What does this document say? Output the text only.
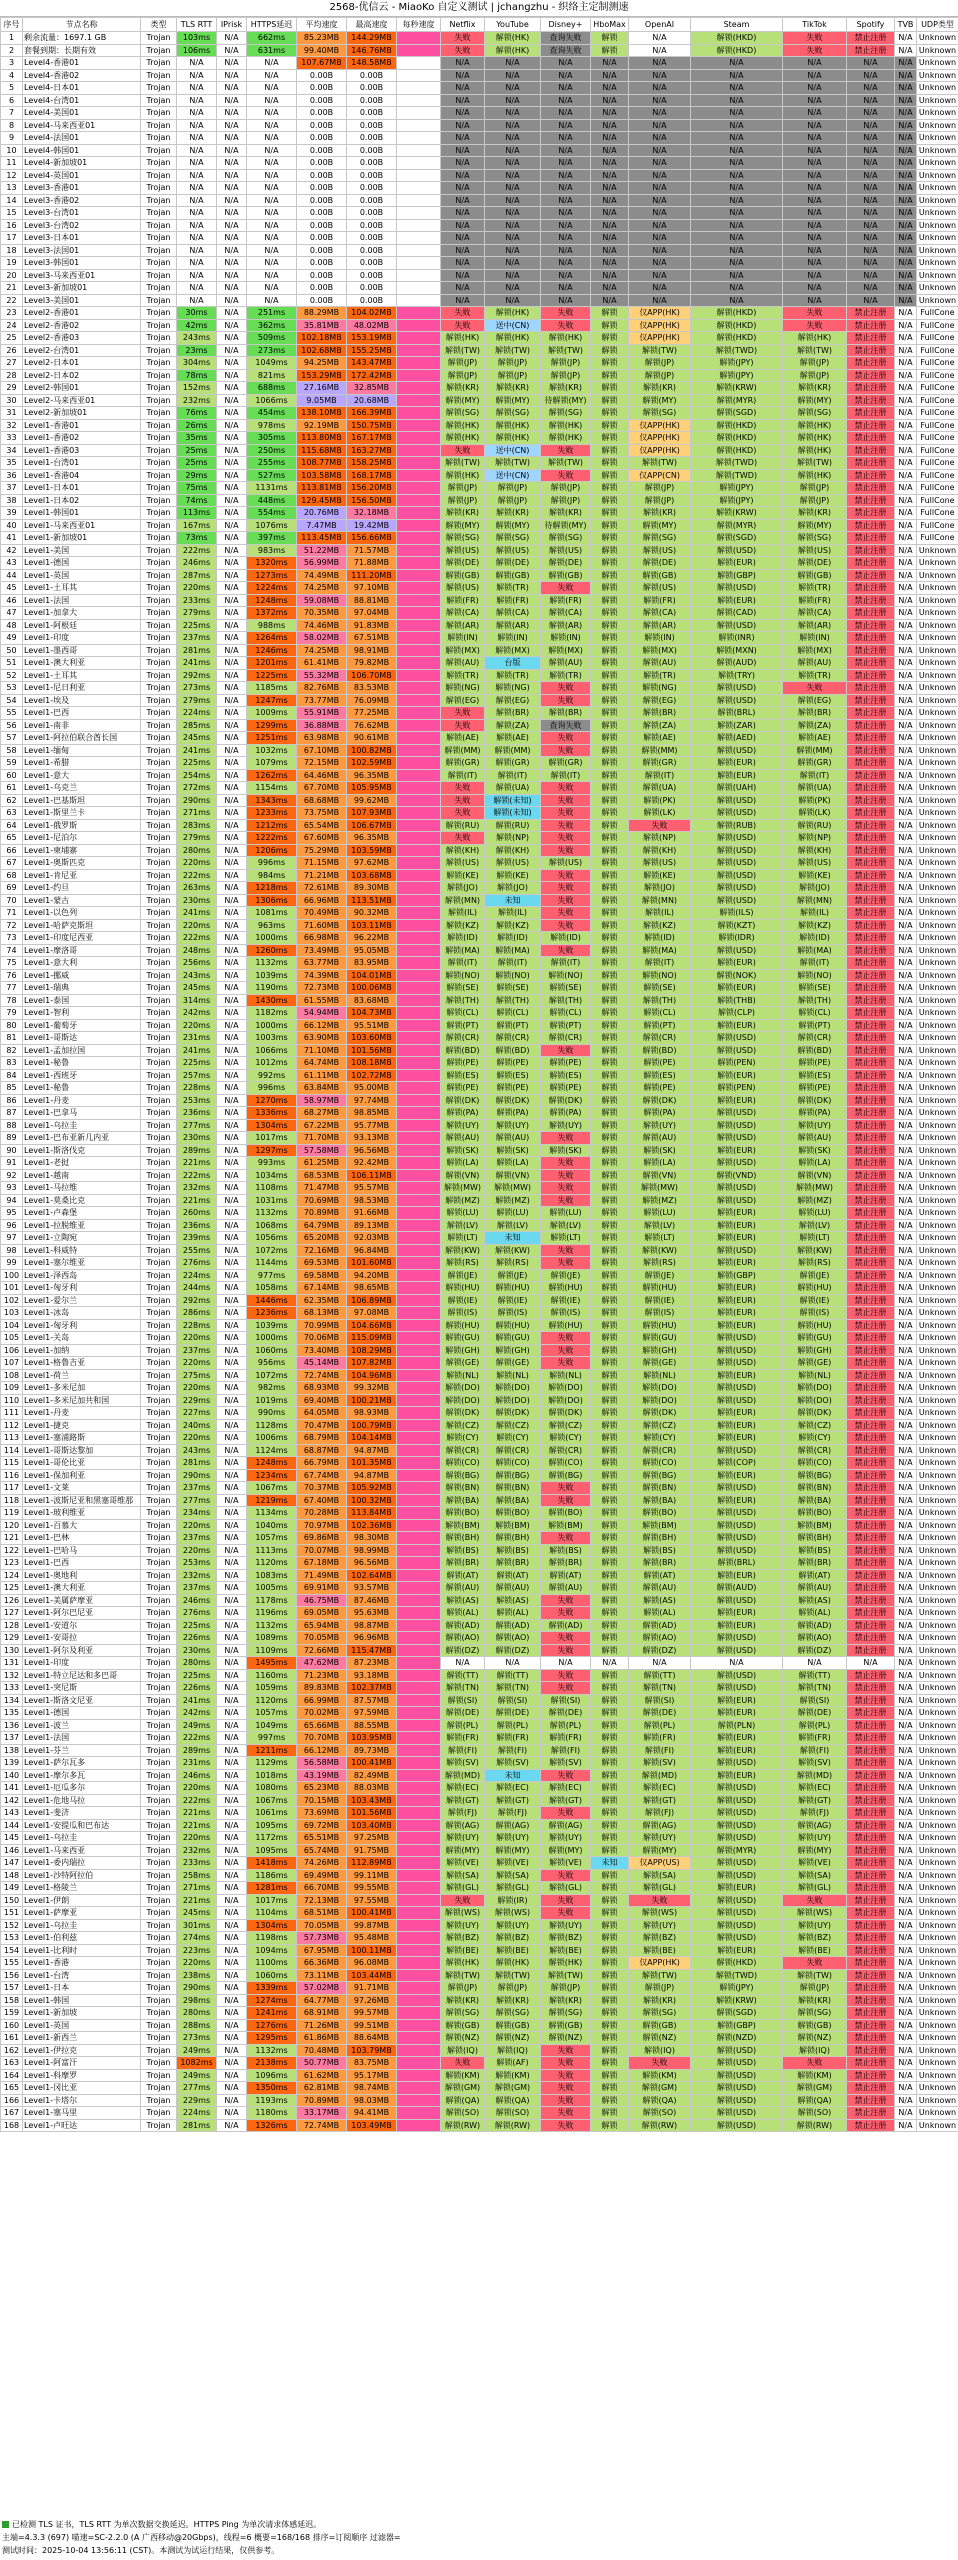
2568-优信云 - MiaoKo 自定义测试 | jchangzhu - 织络主定制测速
序号	节点名称	类型	TLS RTT	IPrisk	HTTPS延迟	平均速度	最高速度	每秒速度	Netflix	YouTube	Disney+	HboMax	OpenAI	Steam	TikTok	Spotify	TVB	UDP类型
1	剩余流量：1697.1 GB	Trojan	103ms	N/A	662ms	85.23MB	144.29MB		失败	解锁(HK)	查询失败	解锁	N/A	解锁(HKD)	失败	禁止注册	N/A	Unknown
2	套餐到期：长期有效	Trojan	106ms	N/A	631ms	99.40MB	146.76MB		失败	解锁(HK)	查询失败	解锁	N/A	解锁(HKD)	失败	禁止注册	N/A	Unknown
3	Level4-香港01	Trojan	N/A	N/A	N/A	107.67MB	148.58MB		N/A	N/A	N/A	N/A	N/A	N/A	N/A	N/A	N/A	Unknown
4	Level4-香港02	Trojan	N/A	N/A	N/A	0.00B	0.00B		N/A	N/A	N/A	N/A	N/A	N/A	N/A	N/A	N/A	Unknown
5	Level4-日本01	Trojan	N/A	N/A	N/A	0.00B	0.00B		N/A	N/A	N/A	N/A	N/A	N/A	N/A	N/A	N/A	Unknown
6	Level4-台湾01	Trojan	N/A	N/A	N/A	0.00B	0.00B		N/A	N/A	N/A	N/A	N/A	N/A	N/A	N/A	N/A	Unknown
7	Level4-美国01	Trojan	N/A	N/A	N/A	0.00B	0.00B		N/A	N/A	N/A	N/A	N/A	N/A	N/A	N/A	N/A	Unknown
8	Level4-马来西亚01	Trojan	N/A	N/A	N/A	0.00B	0.00B		N/A	N/A	N/A	N/A	N/A	N/A	N/A	N/A	N/A	Unknown
9	Level4-法国01	Trojan	N/A	N/A	N/A	0.00B	0.00B		N/A	N/A	N/A	N/A	N/A	N/A	N/A	N/A	N/A	Unknown
10	Level4-韩国01	Trojan	N/A	N/A	N/A	0.00B	0.00B		N/A	N/A	N/A	N/A	N/A	N/A	N/A	N/A	N/A	Unknown
11	Level4-新加坡01	Trojan	N/A	N/A	N/A	0.00B	0.00B		N/A	N/A	N/A	N/A	N/A	N/A	N/A	N/A	N/A	Unknown
12	Level4-英国01	Trojan	N/A	N/A	N/A	0.00B	0.00B		N/A	N/A	N/A	N/A	N/A	N/A	N/A	N/A	N/A	Unknown
13	Level3-香港01	Trojan	N/A	N/A	N/A	0.00B	0.00B		N/A	N/A	N/A	N/A	N/A	N/A	N/A	N/A	N/A	Unknown
14	Level3-香港02	Trojan	N/A	N/A	N/A	0.00B	0.00B		N/A	N/A	N/A	N/A	N/A	N/A	N/A	N/A	N/A	Unknown
15	Level3-台湾01	Trojan	N/A	N/A	N/A	0.00B	0.00B		N/A	N/A	N/A	N/A	N/A	N/A	N/A	N/A	N/A	Unknown
16	Level3-台湾02	Trojan	N/A	N/A	N/A	0.00B	0.00B		N/A	N/A	N/A	N/A	N/A	N/A	N/A	N/A	N/A	Unknown
17	Level3-日本01	Trojan	N/A	N/A	N/A	0.00B	0.00B		N/A	N/A	N/A	N/A	N/A	N/A	N/A	N/A	N/A	Unknown
18	Level3-法国01	Trojan	N/A	N/A	N/A	0.00B	0.00B		N/A	N/A	N/A	N/A	N/A	N/A	N/A	N/A	N/A	Unknown
19	Level3-韩国01	Trojan	N/A	N/A	N/A	0.00B	0.00B		N/A	N/A	N/A	N/A	N/A	N/A	N/A	N/A	N/A	Unknown
20	Level3-马来西亚01	Trojan	N/A	N/A	N/A	0.00B	0.00B		N/A	N/A	N/A	N/A	N/A	N/A	N/A	N/A	N/A	Unknown
21	Level3-新加坡01	Trojan	N/A	N/A	N/A	0.00B	0.00B		N/A	N/A	N/A	N/A	N/A	N/A	N/A	N/A	N/A	Unknown
22	Level3-美国01	Trojan	N/A	N/A	N/A	0.00B	0.00B		N/A	N/A	N/A	N/A	N/A	N/A	N/A	N/A	N/A	Unknown
23	Level2-香港01	Trojan	30ms	N/A	251ms	88.29MB	104.02MB		失败	解锁(HK)	失败	解锁	仅APP(HK)	解锁(HKD)	失败	禁止注册	N/A	FullCone
24	Level2-香港02	Trojan	42ms	N/A	362ms	35.81MB	48.02MB		失败	送中(CN)	失败	解锁	仅APP(HK)	解锁(HKD)	失败	禁止注册	N/A	FullCone
25	Level2-香港03	Trojan	243ms	N/A	509ms	102.18MB	153.19MB		解锁(HK)	解锁(HK)	解锁(HK)	解锁	仅APP(HK)	解锁(HKD)	解锁(HK)	禁止注册	N/A	FullCone
26	Level2-台湾01	Trojan	23ms	N/A	273ms	102.68MB	155.25MB		解锁(TW)	解锁(TW)	解锁(TW)	解锁	解锁(TW)	解锁(TWD)	解锁(TW)	禁止注册	N/A	FullCone
27	Level2-日本01	Trojan	304ms	N/A	1049ms	94.25MB	143.47MB		解锁(JP)	解锁(JP)	解锁(JP)	解锁	解锁(JP)	解锁(JPY)	解锁(JP)	禁止注册	N/A	FullCone
28	Level2-日本02	Trojan	78ms	N/A	821ms	153.29MB	172.42MB		解锁(JP)	解锁(JP)	解锁(JP)	解锁	解锁(JP)	解锁(JPY)	解锁(JP)	禁止注册	N/A	FullCone
29	Level2-韩国01	Trojan	152ms	N/A	688ms	27.16MB	32.85MB		解锁(KR)	解锁(KR)	解锁(KR)	解锁	解锁(KR)	解锁(KRW)	解锁(KR)	禁止注册	N/A	FullCone
30	Level2-马来西亚01	Trojan	232ms	N/A	1066ms	9.05MB	20.68MB		解锁(MY)	解锁(MY)	待解锁(MY)	解锁	解锁(MY)	解锁(MYR)	解锁(MY)	禁止注册	N/A	FullCone
31	Level2-新加坡01	Trojan	76ms	N/A	454ms	138.10MB	166.39MB		解锁(SG)	解锁(SG)	解锁(SG)	解锁	解锁(SG)	解锁(SGD)	解锁(SG)	禁止注册	N/A	FullCone
32	Level1-香港01	Trojan	26ms	N/A	978ms	92.19MB	150.75MB		解锁(HK)	解锁(HK)	解锁(HK)	解锁	仅APP(HK)	解锁(HKD)	解锁(HK)	禁止注册	N/A	FullCone
33	Level1-香港02	Trojan	35ms	N/A	305ms	113.80MB	167.17MB		解锁(HK)	解锁(HK)	解锁(HK)	解锁	仅APP(HK)	解锁(HKD)	解锁(HK)	禁止注册	N/A	FullCone
34	Level1-香港03	Trojan	25ms	N/A	250ms	115.68MB	163.27MB		失败	送中(CN)	失败	解锁	仅APP(HK)	解锁(HKD)	解锁(HK)	禁止注册	N/A	FullCone
35	Level1-台湾01	Trojan	25ms	N/A	255ms	108.77MB	158.25MB		解锁(TW)	解锁(TW)	解锁(TW)	解锁	解锁(TW)	解锁(TWD)	解锁(TW)	禁止注册	N/A	FullCone
36	Level1-香港04	Trojan	29ms	N/A	527ms	103.58MB	168.17MB		解锁(HK)	送中(CN)	失败	解锁	仅APP(CN)	解锁(TWD)	解锁(HK)	禁止注册	N/A	FullCone
37	Level1-日本01	Trojan	75ms	N/A	1131ms	113.81MB	156.20MB		解锁(JP)	解锁(JP)	解锁(JP)	解锁	解锁(JP)	解锁(JPY)	解锁(JP)	禁止注册	N/A	FullCone
38	Level1-日本02	Trojan	74ms	N/A	448ms	129.45MB	156.50MB		解锁(JP)	解锁(JP)	解锁(JP)	解锁	解锁(JP)	解锁(JPY)	解锁(JP)	禁止注册	N/A	FullCone
39	Level1-韩国01	Trojan	113ms	N/A	554ms	20.76MB	32.18MB		解锁(KR)	解锁(KR)	解锁(KR)	解锁	解锁(KR)	解锁(KRW)	解锁(KR)	禁止注册	N/A	FullCone
40	Level1-马来西亚01	Trojan	167ms	N/A	1076ms	7.47MB	19.42MB		解锁(MY)	解锁(MY)	待解锁(MY)	解锁	解锁(MY)	解锁(MYR)	解锁(MY)	禁止注册	N/A	FullCone
41	Level1-新加坡01	Trojan	73ms	N/A	397ms	113.45MB	156.66MB		解锁(SG)	解锁(SG)	解锁(SG)	解锁	解锁(SG)	解锁(SGD)	解锁(SG)	禁止注册	N/A	FullCone
42	Level1-美国	Trojan	222ms	N/A	983ms	51.22MB	71.57MB		解锁(US)	解锁(US)	解锁(US)	解锁	解锁(US)	解锁(USD)	解锁(US)	禁止注册	N/A	Unknown
43	Level1-德国	Trojan	246ms	N/A	1320ms	56.99MB	71.88MB		解锁(DE)	解锁(DE)	解锁(DE)	解锁	解锁(DE)	解锁(EUR)	解锁(DE)	禁止注册	N/A	Unknown
44	Level1-英国	Trojan	287ms	N/A	1273ms	74.49MB	111.20MB		解锁(GB)	解锁(GB)	解锁(GB)	解锁	解锁(GB)	解锁(GBP)	解锁(GB)	禁止注册	N/A	Unknown
45	Level1-土耳其	Trojan	220ms	N/A	1224ms	74.25MB	97.10MB		解锁(US)	解锁(TR)	失败	解锁	解锁(US)	解锁(USD)	解锁(TR)	禁止注册	N/A	Unknown
46	Level1-法国	Trojan	233ms	N/A	1248ms	59.08MB	88.81MB		解锁(FR)	解锁(FR)	解锁(FR)	解锁	解锁(FR)	解锁(EUR)	解锁(FR)	禁止注册	N/A	Unknown
47	Level1-加拿大	Trojan	279ms	N/A	1372ms	70.35MB	97.04MB		解锁(CA)	解锁(CA)	解锁(CA)	解锁	解锁(CA)	解锁(CAD)	解锁(CA)	禁止注册	N/A	Unknown
48	Level1-阿根廷	Trojan	225ms	N/A	988ms	74.46MB	91.83MB		解锁(AR)	解锁(AR)	解锁(AR)	解锁	解锁(AR)	解锁(USD)	解锁(AR)	禁止注册	N/A	Unknown
49	Level1-印度	Trojan	237ms	N/A	1264ms	58.02MB	67.51MB		解锁(IN)	解锁(IN)	解锁(IN)	解锁	解锁(IN)	解锁(INR)	解锁(IN)	禁止注册	N/A	Unknown
50	Level1-墨西哥	Trojan	281ms	N/A	1246ms	74.25MB	98.91MB		解锁(MX)	解锁(MX)	解锁(MX)	解锁	解锁(MX)	解锁(MXN)	解锁(MX)	禁止注册	N/A	Unknown
51	Level1-澳大利亚	Trojan	241ms	N/A	1201ms	61.41MB	79.82MB		解锁(AU)	台版	解锁(AU)	解锁	解锁(AU)	解锁(AUD)	解锁(AU)	禁止注册	N/A	Unknown
52	Level1-土耳其	Trojan	292ms	N/A	1225ms	55.32MB	106.70MB		解锁(TR)	解锁(TR)	解锁(TR)	解锁	解锁(TR)	解锁(TRY)	解锁(TR)	禁止注册	N/A	Unknown
53	Level1-尼日利亚	Trojan	273ms	N/A	1185ms	82.76MB	83.53MB		解锁(NG)	解锁(NG)	失败	解锁	解锁(NG)	解锁(USD)	失败	禁止注册	N/A	Unknown
54	Level1-埃及	Trojan	279ms	N/A	1247ms	73.77MB	76.09MB		解锁(EG)	解锁(EG)	失败	解锁	解锁(EG)	解锁(USD)	解锁(EG)	禁止注册	N/A	Unknown
55	Level1-巴西	Trojan	224ms	N/A	1009ms	55.91MB	77.25MB		失败	解锁(BR)	解锁(BR)	解锁	解锁(BR)	解锁(BRL)	解锁(BR)	禁止注册	N/A	Unknown
56	Level1-南非	Trojan	285ms	N/A	1299ms	36.88MB	76.62MB		失败	解锁(ZA)	查询失败	解锁	解锁(ZA)	解锁(ZAR)	解锁(ZA)	禁止注册	N/A	Unknown
57	Level1-阿拉伯联合酋长国	Trojan	245ms	N/A	1251ms	63.98MB	90.61MB		解锁(AE)	解锁(AE)	失败	解锁	解锁(AE)	解锁(AED)	解锁(AE)	禁止注册	N/A	Unknown
58	Level1-缅甸	Trojan	241ms	N/A	1032ms	67.10MB	100.82MB		解锁(MM)	解锁(MM)	失败	解锁	解锁(MM)	解锁(USD)	解锁(MM)	禁止注册	N/A	Unknown
59	Level1-希腊	Trojan	225ms	N/A	1079ms	72.15MB	102.59MB		解锁(GR)	解锁(GR)	解锁(GR)	解锁	解锁(GR)	解锁(EUR)	解锁(GR)	禁止注册	N/A	Unknown
60	Level1-意大	Trojan	254ms	N/A	1262ms	64.46MB	96.35MB		解锁(IT)	解锁(IT)	解锁(IT)	解锁	解锁(IT)	解锁(EUR)	解锁(IT)	禁止注册	N/A	Unknown
61	Level1-乌克兰	Trojan	272ms	N/A	1154ms	67.70MB	105.95MB		失败	解锁(UA)	失败	解锁	解锁(UA)	解锁(UAH)	解锁(UA)	禁止注册	N/A	Unknown
62	Level1-巴基斯坦	Trojan	290ms	N/A	1343ms	68.68MB	99.62MB		失败	解锁(未知)	失败	解锁	解锁(PK)	解锁(USD)	解锁(PK)	禁止注册	N/A	Unknown
63	Level1-斯里兰卡	Trojan	271ms	N/A	1233ms	73.75MB	107.93MB		失败	解锁(未知)	失败	解锁	解锁(LK)	解锁(USD)	解锁(LK)	禁止注册	N/A	Unknown
64	Level1-俄罗斯	Trojan	283ms	N/A	1212ms	65.54MB	106.67MB		解锁(RU)	解锁(RU)	失败	解锁	失败	解锁(RUB)	解锁(RU)	禁止注册	N/A	Unknown
65	Level1-尼泊尔	Trojan	279ms	N/A	1222ms	67.60MB	96.35MB		失败	解锁(NP)	失败	解锁	解锁(NP)	解锁(USD)	解锁(NP)	禁止注册	N/A	Unknown
66	Level1-柬埔寨	Trojan	280ms	N/A	1206ms	75.29MB	103.59MB		解锁(KH)	解锁(KH)	失败	解锁	解锁(KH)	解锁(USD)	解锁(KH)	禁止注册	N/A	Unknown
67	Level1-奥斯匹克	Trojan	220ms	N/A	996ms	71.15MB	97.62MB		解锁(US)	解锁(US)	解锁(US)	解锁	解锁(US)	解锁(USD)	解锁(US)	禁止注册	N/A	Unknown
68	Level1-肯尼亚	Trojan	222ms	N/A	984ms	71.21MB	103.68MB		解锁(KE)	解锁(KE)	失败	解锁	解锁(KE)	解锁(USD)	解锁(KE)	禁止注册	N/A	Unknown
69	Level1-约旦	Trojan	263ms	N/A	1218ms	72.61MB	89.30MB		解锁(JO)	解锁(JO)	失败	解锁	解锁(JO)	解锁(USD)	解锁(JO)	禁止注册	N/A	Unknown
70	Level1-蒙古	Trojan	230ms	N/A	1306ms	66.96MB	113.51MB		解锁(MN)	未知	失败	解锁	解锁(MN)	解锁(USD)	解锁(MN)	禁止注册	N/A	Unknown
71	Level1-以色列	Trojan	241ms	N/A	1081ms	70.49MB	90.32MB		解锁(IL)	解锁(IL)	失败	解锁	解锁(IL)	解锁(ILS)	解锁(IL)	禁止注册	N/A	Unknown
72	Level1-哈萨克斯坦	Trojan	220ms	N/A	963ms	71.60MB	103.11MB		解锁(KZ)	解锁(KZ)	失败	解锁	解锁(KZ)	解锁(KZT)	解锁(KZ)	禁止注册	N/A	Unknown
73	Level1-印度尼西亚	Trojan	222ms	N/A	1000ms	66.98MB	96.22MB		解锁(ID)	解锁(ID)	解锁(ID)	解锁	解锁(ID)	解锁(IDR)	解锁(ID)	禁止注册	N/A	Unknown
74	Level1-摩洛哥	Trojan	248ms	N/A	1260ms	73.49MB	95.05MB		解锁(MA)	解锁(MA)	失败	解锁	解锁(MA)	解锁(USD)	解锁(MA)	禁止注册	N/A	Unknown
75	Level1-意大利	Trojan	256ms	N/A	1132ms	63.77MB	83.95MB		解锁(IT)	解锁(IT)	解锁(IT)	解锁	解锁(IT)	解锁(EUR)	解锁(IT)	禁止注册	N/A	Unknown
76	Level1-挪威	Trojan	243ms	N/A	1039ms	74.39MB	104.01MB		解锁(NO)	解锁(NO)	解锁(NO)	解锁	解锁(NO)	解锁(NOK)	解锁(NO)	禁止注册	N/A	Unknown
77	Level1-瑞典	Trojan	245ms	N/A	1190ms	72.73MB	100.06MB		解锁(SE)	解锁(SE)	解锁(SE)	解锁	解锁(SE)	解锁(EUR)	解锁(SE)	禁止注册	N/A	Unknown
78	Level1-泰国	Trojan	314ms	N/A	1430ms	61.55MB	83.68MB		解锁(TH)	解锁(TH)	解锁(TH)	解锁	解锁(TH)	解锁(THB)	解锁(TH)	禁止注册	N/A	Unknown
79	Level1-智利	Trojan	242ms	N/A	1182ms	54.94MB	104.73MB		解锁(CL)	解锁(CL)	解锁(CL)	解锁	解锁(CL)	解锁(CLP)	解锁(CL)	禁止注册	N/A	Unknown
80	Level1-葡萄牙	Trojan	220ms	N/A	1000ms	66.12MB	95.51MB		解锁(PT)	解锁(PT)	解锁(PT)	解锁	解锁(PT)	解锁(EUR)	解锁(PT)	禁止注册	N/A	Unknown
81	Level1-哥斯达	Trojan	231ms	N/A	1003ms	63.90MB	103.60MB		解锁(CR)	解锁(CR)	解锁(CR)	解锁	解锁(CR)	解锁(USD)	解锁(CR)	禁止注册	N/A	Unknown
82	Level1-孟加拉国	Trojan	241ms	N/A	1066ms	71.10MB	101.56MB		解锁(BD)	解锁(BD)	失败	解锁	解锁(BD)	解锁(USD)	解锁(BD)	禁止注册	N/A	Unknown
83	Level1-秘鲁	Trojan	225ms	N/A	1012ms	64.74MB	108.18MB		解锁(PE)	解锁(PE)	解锁(PE)	解锁	解锁(PE)	解锁(PEN)	解锁(PE)	禁止注册	N/A	Unknown
84	Level1-西班牙	Trojan	257ms	N/A	992ms	61.11MB	102.72MB		解锁(ES)	解锁(ES)	解锁(ES)	解锁	解锁(ES)	解锁(EUR)	解锁(ES)	禁止注册	N/A	Unknown
85	Level1-秘鲁	Trojan	228ms	N/A	996ms	63.84MB	95.00MB		解锁(PE)	解锁(PE)	解锁(PE)	解锁	解锁(PE)	解锁(PEN)	解锁(PE)	禁止注册	N/A	Unknown
86	Level1-丹麦	Trojan	253ms	N/A	1270ms	58.97MB	97.74MB		解锁(DK)	解锁(DK)	解锁(DK)	解锁	解锁(DK)	解锁(EUR)	解锁(DK)	禁止注册	N/A	Unknown
87	Level1-巴拿马	Trojan	236ms	N/A	1336ms	68.27MB	98.85MB		解锁(PA)	解锁(PA)	解锁(PA)	解锁	解锁(PA)	解锁(USD)	解锁(PA)	禁止注册	N/A	Unknown
88	Level1-乌拉圭	Trojan	277ms	N/A	1304ms	67.22MB	95.77MB		解锁(UY)	解锁(UY)	解锁(UY)	解锁	解锁(UY)	解锁(USD)	解锁(UY)	禁止注册	N/A	Unknown
89	Level1-巴布亚新几内亚	Trojan	230ms	N/A	1017ms	71.70MB	93.13MB		解锁(AU)	解锁(AU)	失败	解锁	解锁(AU)	解锁(USD)	解锁(AU)	禁止注册	N/A	Unknown
90	Level1-斯洛伐克	Trojan	289ms	N/A	1297ms	57.58MB	96.56MB		解锁(SK)	解锁(SK)	解锁(SK)	解锁	解锁(SK)	解锁(EUR)	解锁(SK)	禁止注册	N/A	Unknown
91	Level1-老挝	Trojan	221ms	N/A	993ms	61.25MB	92.42MB		解锁(LA)	解锁(LA)	失败	解锁	解锁(LA)	解锁(USD)	解锁(LA)	禁止注册	N/A	Unknown
92	Level1-越南	Trojan	222ms	N/A	1034ms	68.53MB	106.11MB		解锁(VN)	解锁(VN)	失败	解锁	解锁(VN)	解锁(VND)	解锁(VN)	禁止注册	N/A	Unknown
93	Level1-马拉维	Trojan	232ms	N/A	1108ms	71.47MB	95.57MB		解锁(MW)	解锁(MW)	失败	解锁	解锁(MW)	解锁(USD)	解锁(MW)	禁止注册	N/A	Unknown
94	Level1-莫桑比克	Trojan	221ms	N/A	1031ms	70.69MB	98.53MB		解锁(MZ)	解锁(MZ)	失败	解锁	解锁(MZ)	解锁(USD)	解锁(MZ)	禁止注册	N/A	Unknown
95	Level1-卢森堡	Trojan	260ms	N/A	1132ms	70.89MB	91.66MB		解锁(LU)	解锁(LU)	解锁(LU)	解锁	解锁(LU)	解锁(EUR)	解锁(LU)	禁止注册	N/A	Unknown
96	Level1-拉脱维亚	Trojan	236ms	N/A	1068ms	64.79MB	89.13MB		解锁(LV)	解锁(LV)	解锁(LV)	解锁	解锁(LV)	解锁(EUR)	解锁(LV)	禁止注册	N/A	Unknown
97	Level1-立陶宛	Trojan	239ms	N/A	1056ms	65.20MB	92.03MB		解锁(LT)	未知	解锁(LT)	解锁	解锁(LT)	解锁(EUR)	解锁(LT)	禁止注册	N/A	Unknown
98	Level1-科威特	Trojan	255ms	N/A	1072ms	72.16MB	96.84MB		解锁(KW)	解锁(KW)	失败	解锁	解锁(KW)	解锁(USD)	解锁(KW)	禁止注册	N/A	Unknown
99	Level1-塞尔维亚	Trojan	276ms	N/A	1144ms	69.53MB	101.60MB		解锁(RS)	解锁(RS)	失败	解锁	解锁(RS)	解锁(EUR)	解锁(RS)	禁止注册	N/A	Unknown
100	Level1-泽西岛	Trojan	224ms	N/A	977ms	69.58MB	94.20MB		解锁(JE)	解锁(JE)	解锁(JE)	解锁	解锁(JE)	解锁(GBP)	解锁(JE)	禁止注册	N/A	Unknown
101	Level1-匈牙利	Trojan	244ms	N/A	1058ms	67.14MB	98.65MB		解锁(HU)	解锁(HU)	解锁(HU)	解锁	解锁(HU)	解锁(EUR)	解锁(HU)	禁止注册	N/A	Unknown
102	Level1-爱尔兰	Trojan	292ms	N/A	1446ms	62.35MB	106.89MB		解锁(IE)	解锁(IE)	解锁(IE)	解锁	解锁(IE)	解锁(EUR)	解锁(IE)	禁止注册	N/A	Unknown
103	Level1-冰岛	Trojan	286ms	N/A	1236ms	68.13MB	97.08MB		解锁(IS)	解锁(IS)	解锁(IS)	解锁	解锁(IS)	解锁(EUR)	解锁(IS)	禁止注册	N/A	Unknown
104	Level1-匈牙利	Trojan	228ms	N/A	1039ms	70.99MB	104.66MB		解锁(HU)	解锁(HU)	解锁(HU)	解锁	解锁(HU)	解锁(EUR)	解锁(HU)	禁止注册	N/A	Unknown
105	Level1-关岛	Trojan	220ms	N/A	1000ms	70.06MB	115.09MB		解锁(GU)	解锁(GU)	失败	解锁	解锁(GU)	解锁(USD)	解锁(GU)	禁止注册	N/A	Unknown
106	Level1-加纳	Trojan	237ms	N/A	1060ms	73.40MB	108.29MB		解锁(GH)	解锁(GH)	失败	解锁	解锁(GH)	解锁(USD)	解锁(GH)	禁止注册	N/A	Unknown
107	Level1-格鲁吉亚	Trojan	220ms	N/A	956ms	45.14MB	107.82MB		解锁(GE)	解锁(GE)	失败	解锁	解锁(GE)	解锁(USD)	解锁(GE)	禁止注册	N/A	Unknown
108	Level1-荷兰	Trojan	275ms	N/A	1072ms	72.74MB	104.96MB		解锁(NL)	解锁(NL)	解锁(NL)	解锁	解锁(NL)	解锁(EUR)	解锁(NL)	禁止注册	N/A	Unknown
109	Level1-多米尼加	Trojan	220ms	N/A	982ms	68.93MB	99.32MB		解锁(DO)	解锁(DO)	解锁(DO)	解锁	解锁(DO)	解锁(USD)	解锁(DO)	禁止注册	N/A	Unknown
110	Level1-多米尼加共和国	Trojan	229ms	N/A	1019ms	69.40MB	100.21MB		解锁(DO)	解锁(DO)	解锁(DO)	解锁	解锁(DO)	解锁(USD)	解锁(DO)	禁止注册	N/A	Unknown
111	Level1-丹麦	Trojan	227ms	N/A	990ms	64.05MB	98.93MB		解锁(DK)	解锁(DK)	解锁(DK)	解锁	解锁(DK)	解锁(EUR)	解锁(DK)	禁止注册	N/A	Unknown
112	Level1-捷克	Trojan	240ms	N/A	1128ms	70.47MB	100.79MB		解锁(CZ)	解锁(CZ)	解锁(CZ)	解锁	解锁(CZ)	解锁(EUR)	解锁(CZ)	禁止注册	N/A	Unknown
113	Level1-塞浦路斯	Trojan	220ms	N/A	1006ms	68.79MB	104.14MB		解锁(CY)	解锁(CY)	解锁(CY)	解锁	解锁(CY)	解锁(EUR)	解锁(CY)	禁止注册	N/A	Unknown
114	Level1-哥斯达黎加	Trojan	243ms	N/A	1124ms	68.87MB	94.87MB		解锁(CR)	解锁(CR)	解锁(CR)	解锁	解锁(CR)	解锁(USD)	解锁(CR)	禁止注册	N/A	Unknown
115	Level1-哥伦比亚	Trojan	281ms	N/A	1248ms	66.79MB	101.35MB		解锁(CO)	解锁(CO)	解锁(CO)	解锁	解锁(CO)	解锁(COP)	解锁(CO)	禁止注册	N/A	Unknown
116	Level1-保加利亚	Trojan	290ms	N/A	1234ms	67.74MB	94.87MB		解锁(BG)	解锁(BG)	解锁(BG)	解锁	解锁(BG)	解锁(EUR)	解锁(BG)	禁止注册	N/A	Unknown
117	Level1-文莱	Trojan	237ms	N/A	1067ms	70.37MB	105.92MB		解锁(BN)	解锁(BN)	失败	解锁	解锁(BN)	解锁(USD)	解锁(BN)	禁止注册	N/A	Unknown
118	Level1-波斯尼亚和黑塞哥维那	Trojan	277ms	N/A	1219ms	67.40MB	100.32MB		解锁(BA)	解锁(BA)	失败	解锁	解锁(BA)	解锁(EUR)	解锁(BA)	禁止注册	N/A	Unknown
119	Level1-玻利维亚	Trojan	234ms	N/A	1134ms	70.28MB	113.84MB		解锁(BO)	解锁(BO)	解锁(BO)	解锁	解锁(BO)	解锁(USD)	解锁(BO)	禁止注册	N/A	Unknown
120	Level1-百慕大	Trojan	220ms	N/A	1040ms	70.97MB	102.36MB		解锁(BM)	解锁(BM)	解锁(BM)	解锁	解锁(BM)	解锁(USD)	解锁(BM)	禁止注册	N/A	Unknown
121	Level1-巴林	Trojan	237ms	N/A	1057ms	69.86MB	98.30MB		解锁(BH)	解锁(BH)	失败	解锁	解锁(BH)	解锁(USD)	解锁(BH)	禁止注册	N/A	Unknown
122	Level1-巴哈马	Trojan	220ms	N/A	1113ms	70.07MB	98.99MB		解锁(BS)	解锁(BS)	解锁(BS)	解锁	解锁(BS)	解锁(USD)	解锁(BS)	禁止注册	N/A	Unknown
123	Level1-巴西	Trojan	253ms	N/A	1120ms	67.18MB	96.56MB		解锁(BR)	解锁(BR)	解锁(BR)	解锁	解锁(BR)	解锁(BRL)	解锁(BR)	禁止注册	N/A	Unknown
124	Level1-奥地利	Trojan	232ms	N/A	1083ms	71.49MB	102.64MB		解锁(AT)	解锁(AT)	解锁(AT)	解锁	解锁(AT)	解锁(EUR)	解锁(AT)	禁止注册	N/A	Unknown
125	Level1-澳大利亚	Trojan	237ms	N/A	1005ms	69.91MB	93.57MB		解锁(AU)	解锁(AU)	解锁(AU)	解锁	解锁(AU)	解锁(AUD)	解锁(AU)	禁止注册	N/A	Unknown
126	Level1-美属萨摩亚	Trojan	246ms	N/A	1178ms	46.75MB	87.46MB		解锁(AS)	解锁(AS)	失败	解锁	解锁(AS)	解锁(USD)	解锁(AS)	禁止注册	N/A	Unknown
127	Level1-阿尔巴尼亚	Trojan	276ms	N/A	1196ms	69.05MB	95.63MB		解锁(AL)	解锁(AL)	失败	解锁	解锁(AL)	解锁(EUR)	解锁(AL)	禁止注册	N/A	Unknown
128	Level1-安道尔	Trojan	225ms	N/A	1132ms	65.94MB	98.87MB		解锁(AD)	解锁(AD)	解锁(AD)	解锁	解锁(AD)	解锁(EUR)	解锁(AD)	禁止注册	N/A	Unknown
129	Level1-安哥拉	Trojan	226ms	N/A	1089ms	70.05MB	96.96MB		解锁(AO)	解锁(AO)	失败	解锁	解锁(AO)	解锁(USD)	解锁(AO)	禁止注册	N/A	Unknown
130	Level1-阿尔及利亚	Trojan	230ms	N/A	1109ms	72.66MB	115.47MB		解锁(DZ)	解锁(DZ)	失败	解锁	解锁(DZ)	解锁(USD)	解锁(DZ)	禁止注册	N/A	Unknown
131	Level1-印度	Trojan	280ms	N/A	1495ms	47.62MB	87.23MB		N/A	N/A	N/A	N/A	N/A	N/A	N/A	N/A	N/A	Unknown
132	Level1-特立尼达和多巴哥	Trojan	225ms	N/A	1160ms	71.23MB	93.18MB		解锁(TT)	解锁(TT)	失败	解锁	解锁(TT)	解锁(USD)	解锁(TT)	禁止注册	N/A	Unknown
133	Level1-突尼斯	Trojan	226ms	N/A	1059ms	89.83MB	102.37MB		解锁(TN)	解锁(TN)	失败	解锁	解锁(TN)	解锁(USD)	解锁(TN)	禁止注册	N/A	Unknown
134	Level1-斯洛文尼亚	Trojan	241ms	N/A	1120ms	66.99MB	87.57MB		解锁(SI)	解锁(SI)	解锁(SI)	解锁	解锁(SI)	解锁(EUR)	解锁(SI)	禁止注册	N/A	Unknown
135	Level1-德国	Trojan	242ms	N/A	1057ms	70.02MB	97.59MB		解锁(DE)	解锁(DE)	解锁(DE)	解锁	解锁(DE)	解锁(EUR)	解锁(DE)	禁止注册	N/A	Unknown
136	Level1-波兰	Trojan	249ms	N/A	1049ms	65.66MB	88.55MB		解锁(PL)	解锁(PL)	解锁(PL)	解锁	解锁(PL)	解锁(PLN)	解锁(PL)	禁止注册	N/A	Unknown
137	Level1-法国	Trojan	222ms	N/A	997ms	70.70MB	103.95MB		解锁(FR)	解锁(FR)	解锁(FR)	解锁	解锁(FR)	解锁(EUR)	解锁(FR)	禁止注册	N/A	Unknown
138	Level1-芬兰	Trojan	289ms	N/A	1211ms	66.12MB	89.73MB		解锁(FI)	解锁(FI)	解锁(FI)	解锁	解锁(FI)	解锁(EUR)	解锁(FI)	禁止注册	N/A	Unknown
139	Level1-萨尔瓦多	Trojan	231ms	N/A	1129ms	56.58MB	100.41MB		解锁(SV)	解锁(SV)	解锁(SV)	解锁	解锁(SV)	解锁(USD)	解锁(SV)	禁止注册	N/A	Unknown
140	Level1-摩尔多瓦	Trojan	246ms	N/A	1018ms	43.19MB	82.49MB		解锁(MD)	未知	失败	解锁	解锁(MD)	解锁(EUR)	解锁(MD)	禁止注册	N/A	Unknown
141	Level1-厄瓜多尔	Trojan	220ms	N/A	1080ms	65.23MB	88.03MB		解锁(EC)	解锁(EC)	解锁(EC)	解锁	解锁(EC)	解锁(USD)	解锁(EC)	禁止注册	N/A	Unknown
142	Level1-危地马拉	Trojan	222ms	N/A	1067ms	70.15MB	103.43MB		解锁(GT)	解锁(GT)	解锁(GT)	解锁	解锁(GT)	解锁(USD)	解锁(GT)	禁止注册	N/A	Unknown
143	Level1-斐济	Trojan	221ms	N/A	1061ms	73.69MB	101.56MB		解锁(FJ)	解锁(FJ)	失败	解锁	解锁(FJ)	解锁(USD)	解锁(FJ)	禁止注册	N/A	Unknown
144	Level1-安提瓜和巴布达	Trojan	221ms	N/A	1095ms	69.72MB	103.40MB		解锁(AG)	解锁(AG)	解锁(AG)	解锁	解锁(AG)	解锁(USD)	解锁(AG)	禁止注册	N/A	Unknown
145	Level1-乌拉圭	Trojan	220ms	N/A	1172ms	65.51MB	97.25MB		解锁(UY)	解锁(UY)	解锁(UY)	解锁	解锁(UY)	解锁(USD)	解锁(UY)	禁止注册	N/A	Unknown
146	Level1-马来西亚	Trojan	232ms	N/A	1095ms	65.74MB	91.75MB		解锁(MY)	解锁(MY)	解锁(MY)	解锁	解锁(MY)	解锁(MYR)	解锁(MY)	禁止注册	N/A	Unknown
147	Level1-委内瑞拉	Trojan	233ms	N/A	1418ms	74.26MB	112.89MB		解锁(VE)	解锁(VE)	解锁(VE)	未知	仅APP(US)	解锁(USD)	解锁(VE)	禁止注册	N/A	Unknown
148	Level1-沙特阿拉伯	Trojan	258ms	N/A	1186ms	69.49MB	99.11MB		解锁(SA)	解锁(SA)	失败	解锁	解锁(SA)	解锁(USD)	解锁(SA)	禁止注册	N/A	Unknown
149	Level1-格陵兰	Trojan	271ms	N/A	1281ms	66.70MB	99.55MB		解锁(GL)	解锁(GL)	解锁(GL)	解锁	解锁(GL)	解锁(EUR)	解锁(GL)	禁止注册	N/A	Unknown
150	Level1-伊朗	Trojan	221ms	N/A	1017ms	72.13MB	97.55MB		失败	解锁(IR)	失败	解锁	失败	解锁(USD)	失败	禁止注册	N/A	Unknown
151	Level1-萨摩亚	Trojan	245ms	N/A	1104ms	68.51MB	100.41MB		解锁(WS)	解锁(WS)	失败	解锁	解锁(WS)	解锁(USD)	解锁(WS)	禁止注册	N/A	Unknown
152	Level1-乌拉圭	Trojan	301ms	N/A	1304ms	70.05MB	99.87MB		解锁(UY)	解锁(UY)	解锁(UY)	解锁	解锁(UY)	解锁(USD)	解锁(UY)	禁止注册	N/A	Unknown
153	Level1-伯利兹	Trojan	274ms	N/A	1198ms	57.73MB	95.48MB		解锁(BZ)	解锁(BZ)	解锁(BZ)	解锁	解锁(BZ)	解锁(USD)	解锁(BZ)	禁止注册	N/A	Unknown
154	Level1-比利时	Trojan	223ms	N/A	1094ms	67.95MB	100.11MB		解锁(BE)	解锁(BE)	解锁(BE)	解锁	解锁(BE)	解锁(EUR)	解锁(BE)	禁止注册	N/A	Unknown
155	Level1-香港	Trojan	220ms	N/A	1100ms	66.36MB	96.08MB		解锁(HK)	解锁(HK)	解锁(HK)	解锁	仅APP(HK)	解锁(HKD)	失败	禁止注册	N/A	Unknown
156	Level1-台湾	Trojan	238ms	N/A	1060ms	73.11MB	103.44MB		解锁(TW)	解锁(TW)	解锁(TW)	解锁	解锁(TW)	解锁(TWD)	解锁(TW)	禁止注册	N/A	Unknown
157	Level1-日本	Trojan	290ms	N/A	1339ms	57.02MB	91.71MB		解锁(JP)	解锁(JP)	解锁(JP)	解锁	解锁(JP)	解锁(JPY)	解锁(JP)	禁止注册	N/A	Unknown
158	Level1-韩国	Trojan	298ms	N/A	1274ms	64.77MB	97.26MB		解锁(KR)	解锁(KR)	解锁(KR)	解锁	解锁(KR)	解锁(KRW)	解锁(KR)	禁止注册	N/A	Unknown
159	Level1-新加坡	Trojan	280ms	N/A	1241ms	68.91MB	99.57MB		解锁(SG)	解锁(SG)	解锁(SG)	解锁	解锁(SG)	解锁(SGD)	解锁(SG)	禁止注册	N/A	Unknown
160	Level1-英国	Trojan	288ms	N/A	1276ms	71.26MB	99.51MB		解锁(GB)	解锁(GB)	解锁(GB)	解锁	解锁(GB)	解锁(GBP)	解锁(GB)	禁止注册	N/A	Unknown
161	Level1-新西兰	Trojan	273ms	N/A	1295ms	61.86MB	88.64MB		解锁(NZ)	解锁(NZ)	解锁(NZ)	解锁	解锁(NZ)	解锁(NZD)	解锁(NZ)	禁止注册	N/A	Unknown
162	Level1-伊拉克	Trojan	249ms	N/A	1132ms	70.48MB	103.79MB		解锁(IQ)	解锁(IQ)	失败	解锁	解锁(IQ)	解锁(USD)	解锁(IQ)	禁止注册	N/A	Unknown
163	Level1-阿富汗	Trojan	1082ms	N/A	2138ms	50.77MB	83.75MB		失败	解锁(AF)	失败	解锁	失败	解锁(USD)	失败	禁止注册	N/A	Unknown
164	Level1-科摩罗	Trojan	249ms	N/A	1096ms	61.62MB	95.17MB		解锁(KM)	解锁(KM)	失败	解锁	解锁(KM)	解锁(USD)	解锁(KM)	禁止注册	N/A	Unknown
165	Level1-冈比亚	Trojan	277ms	N/A	1350ms	62.81MB	98.74MB		解锁(GM)	解锁(GM)	失败	解锁	解锁(GM)	解锁(USD)	解锁(GM)	禁止注册	N/A	Unknown
166	Level1-卡塔尔	Trojan	229ms	N/A	1193ms	70.89MB	98.03MB		解锁(QA)	解锁(QA)	失败	解锁	解锁(QA)	解锁(USD)	解锁(QA)	禁止注册	N/A	Unknown
167	Level1-塞马里	Trojan	224ms	N/A	1180ms	33.17MB	94.41MB		解锁(SO)	解锁(SO)	失败	解锁	解锁(SO)	解锁(USD)	解锁(SO)	禁止注册	N/A	Unknown
168	Level1-卢旺达	Trojan	281ms	N/A	1326ms	72.74MB	103.49MB		解锁(RW)	解锁(RW)	失败	解锁	解锁(RW)	解锁(USD)	解锁(RW)	禁止注册	N/A	Unknown
已检测 TLS 证书，TLS RTT 为单次数据交换延迟。HTTPS Ping 为单次请求体感延迟。
主端=4.3.3 (697) 喵速=SC-2.2.0 (A 广西移动@20Gbps)，线程=6 概要=168/168 排序=订阅顺序 过滤器=
测试时间：2025-10-04 13:56:11 (CST)。本测试为试运行结果，仅供参考。
